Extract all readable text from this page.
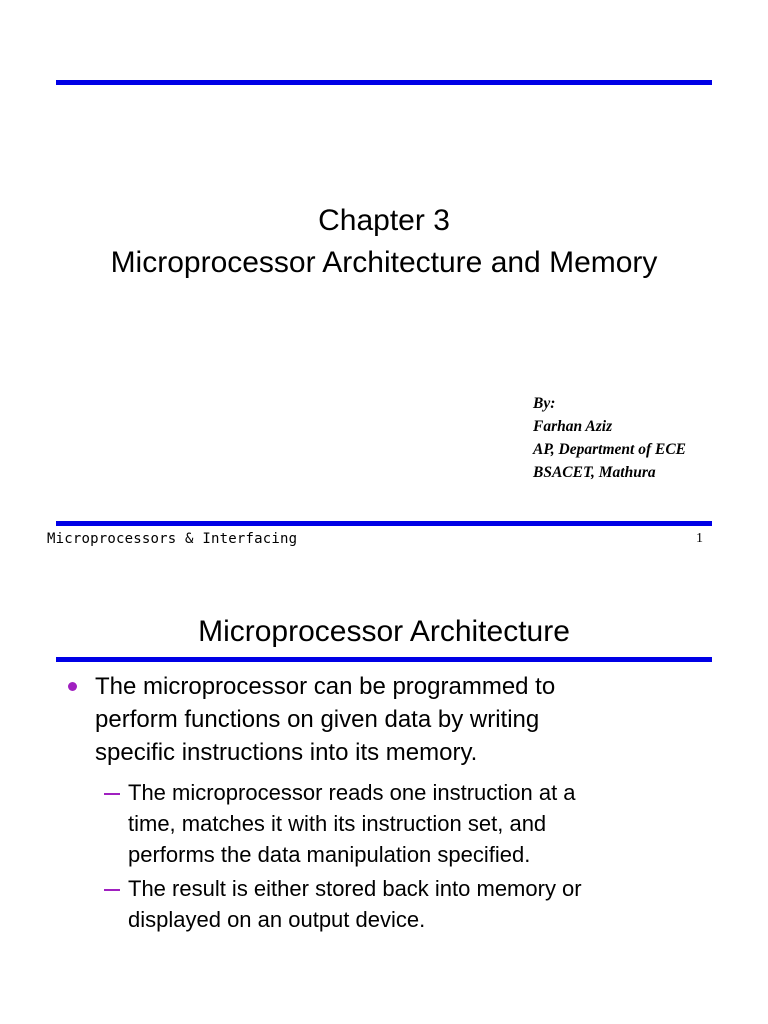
Chapter 3
Microprocessor Architecture and Memory
By:
Farhan Aziz
AP, Department of ECE
BSACET, Mathura
Microprocessors & Interfacing	1
Microprocessor Architecture
The microprocessor can be programmed to
perform functions on given data by writing
specific instructions into its memory.
The microprocessor reads one instruction at a
time, matches it with its instruction set, and
performs the data manipulation specified.
The result is either stored back into memory or
displayed on an output device.
